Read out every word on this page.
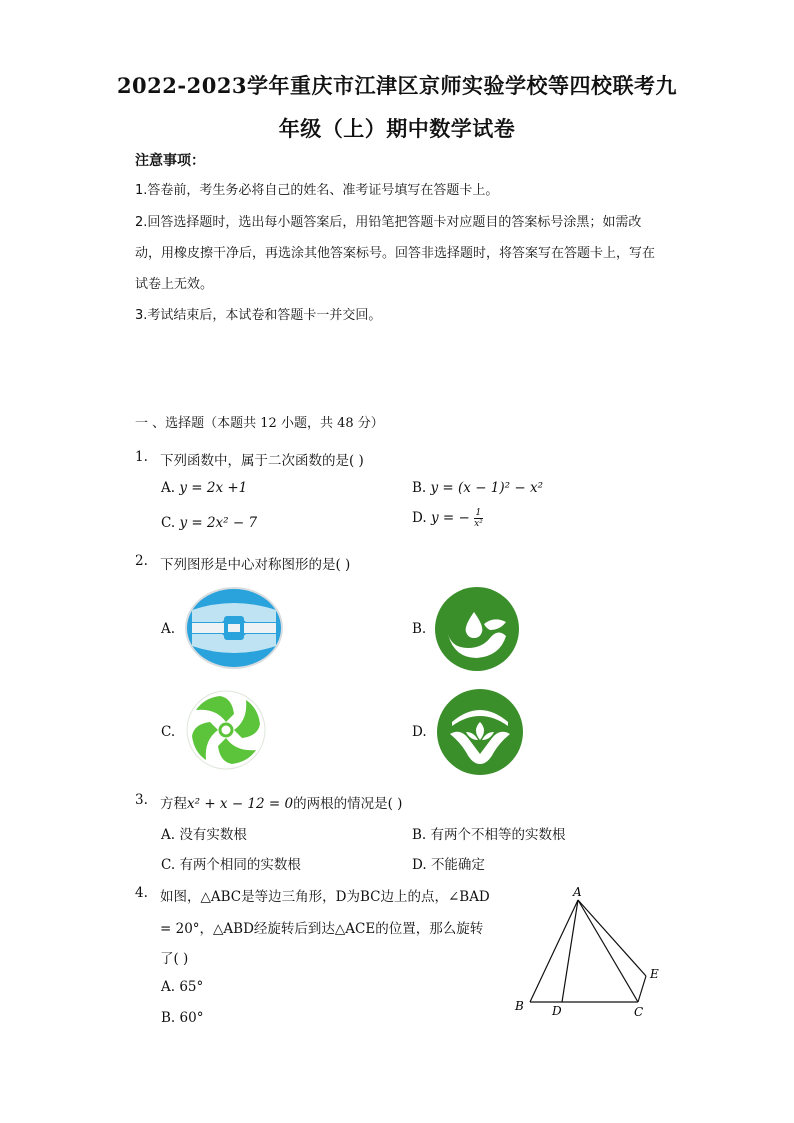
2022-2023学年重庆市江津区京师实验学校等四校联考九
年级（上）期中数学试卷
注意事项：
1.答卷前，考生务必将自己的姓名、准考证号填写在答题卡上。
2.回答选择题时，选出每小题答案后，用铅笔把答题卡对应题目的答案标号涂黑；如需改动，用橡皮擦干净后，再选涂其他答案标号。回答非选择题时，将答案写在答题卡上，写在试卷上无效。
3.考试结束后，本试卷和答题卡一并交回。
一 、选择题（本题共 12 小题，共 48 分）
1. 下列函数中，属于二次函数的是( )
A. y = 2x +1	B. y = (x − 1)² − x²
C. y = 2x² − 7	D. y = − $\frac{1}{\text{x²}}$
2. 下列图形是中心对称图形的是( )
A.	B.
C.	D.
3. 方程x² + x − 12 = 0的两根的情况是( )
A. 没有实数根	B. 有两个不相等的实数根
C. 有两个相同的实数根	D. 不能确定
4. 如图，△ABC是等边三角形，D为BC边上的点，∠BAD
= 20°，△ABD经旋转后到达△ACE的位置，那么旋转
了( )
A. 65°
B. 60°
A
B	C
D
E
